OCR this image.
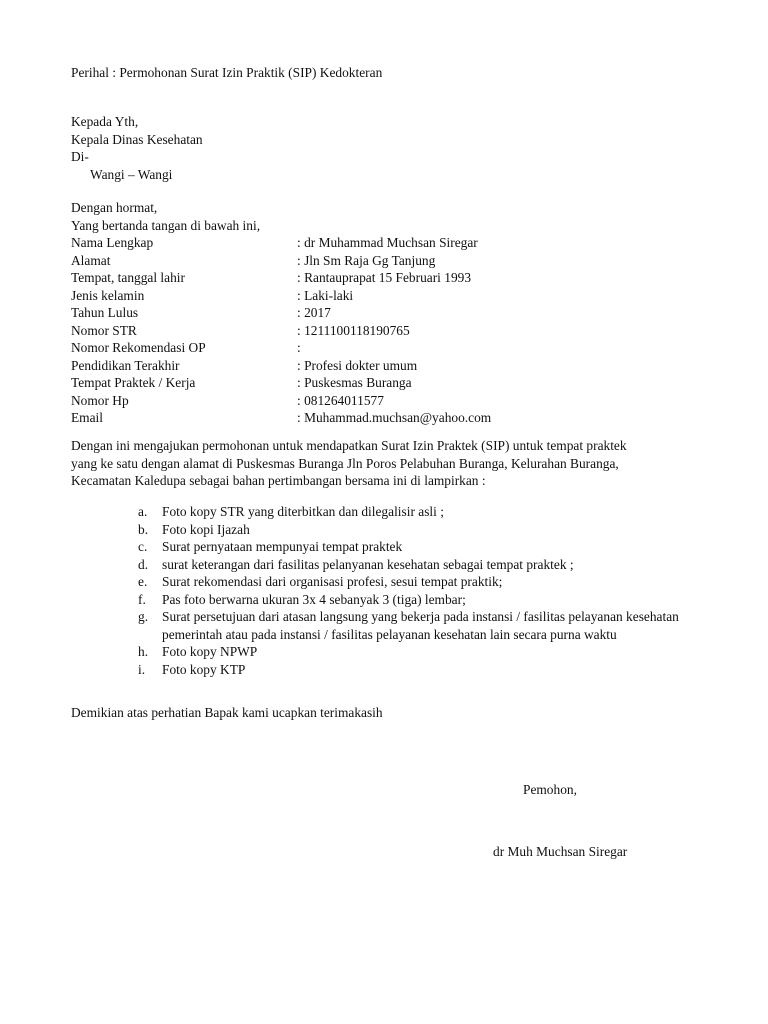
Perihal : Permohonan Surat Izin Praktik (SIP) Kedokteran
Kepada Yth,
Kepala Dinas Kesehatan
Di-
Wangi – Wangi
Dengan hormat,
Yang bertanda tangan di bawah ini,
Nama Lengkap	: dr Muhammad Muchsan Siregar
Alamat	: Jln Sm Raja Gg Tanjung
Tempat, tanggal lahir	: Rantauprapat 15 Februari 1993
Jenis kelamin	: Laki-laki
Tahun Lulus	: 2017
Nomor STR	: 1211100118190765
Nomor Rekomendasi OP	:
Pendidikan Terakhir	: Profesi dokter umum
Tempat Praktek / Kerja	: Puskesmas Buranga
Nomor Hp	: 081264011577
Email	: Muhammad.muchsan@yahoo.com
Dengan ini mengajukan permohonan untuk mendapatkan Surat Izin Praktek (SIP) untuk tempat praktek
yang ke satu dengan alamat di Puskesmas Buranga Jln Poros Pelabuhan Buranga, Kelurahan Buranga,
Kecamatan Kaledupa sebagai bahan pertimbangan bersama ini di lampirkan :
a. Foto kopy STR yang diterbitkan dan dilegalisir asli ;
b. Foto kopi Ijazah
c. Surat pernyataan mempunyai tempat praktek
d. surat keterangan dari fasilitas pelanyanan kesehatan sebagai tempat praktek ;
e. Surat rekomendasi dari organisasi profesi, sesui tempat praktik;
f. Pas foto berwarna ukuran 3x 4 sebanyak 3 (tiga) lembar;
g. Surat persetujuan dari atasan langsung yang bekerja pada instansi / fasilitas pelayanan kesehatan pemerintah atau pada instansi / fasilitas pelayanan kesehatan lain secara purna waktu
h. Foto kopy NPWP
i. Foto kopy KTP
Demikian atas perhatian Bapak kami ucapkan terimakasih
Pemohon,
dr Muh Muchsan Siregar
